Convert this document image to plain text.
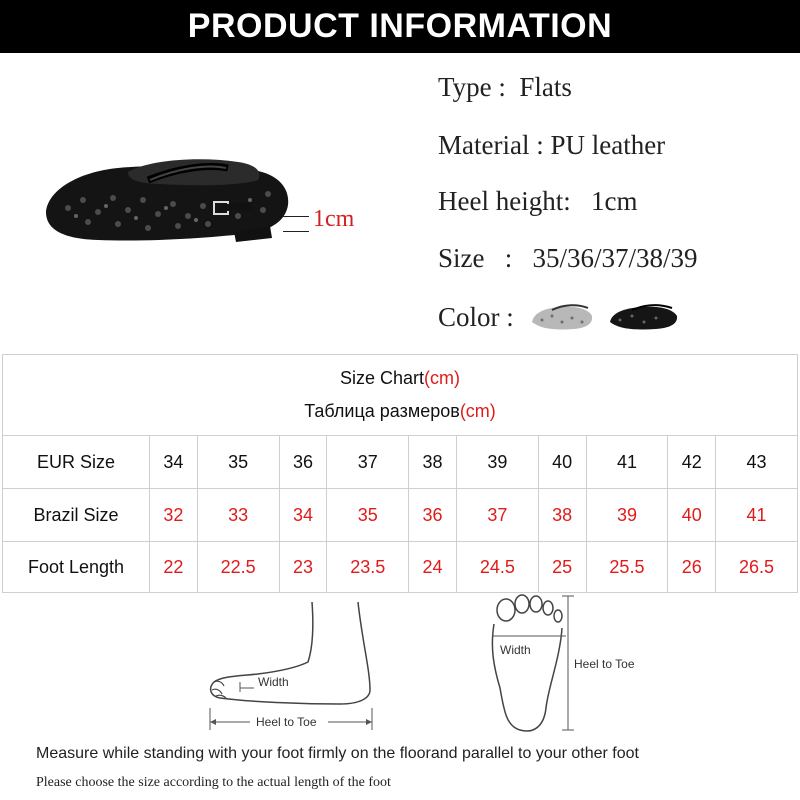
PRODUCT INFORMATION
1cm
Type :  Flats
Material : PU leather
Heel height:   1cm
Size   :   35/36/37/38/39
Color :
Size Chart(cm)
Таблица размеров(cm)										

EUR Size	34	35	36	37	38	39	40	41	42	43
Brazil Size	32	33	34	35	36	37	38	39	40	41
Foot Length	22	22.5	23	23.5	24	24.5	25	25.5	26	26.5
Width
Heel to Toe
Width
Heel to Toe
Measure while standing with your foot firmly on the floorand parallel to your other foot
Please choose the size according to the actual length of the foot
